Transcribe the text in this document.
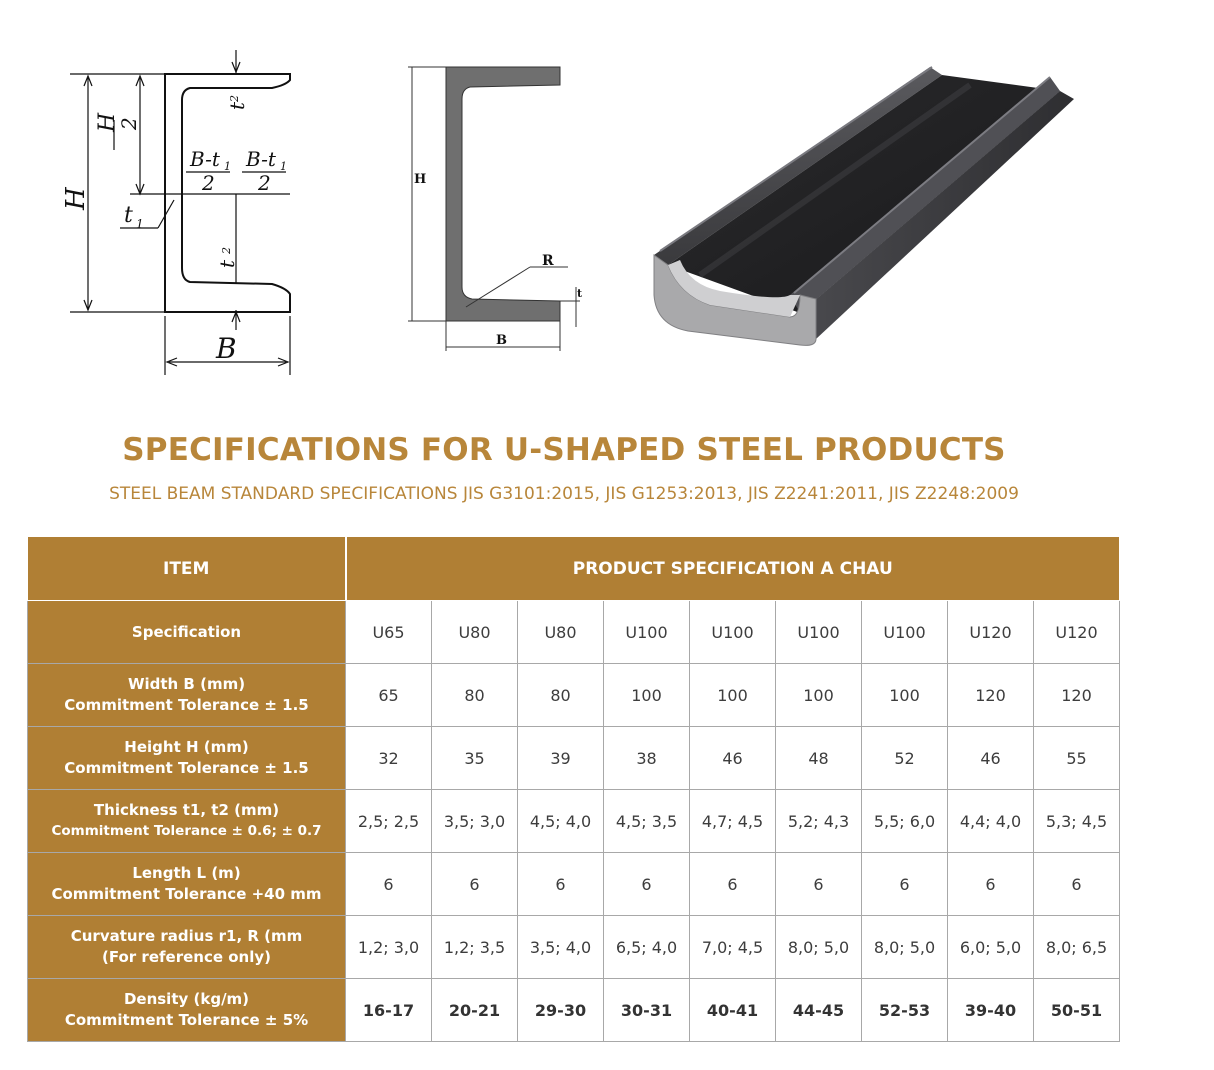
H
H
2
t 1
t
2
t
2
B-t 1
2
B-t 1
2
B
H
R
t
B
SPECIFICATIONS FOR U-SHAPED STEEL PRODUCTS
STEEL BEAM STANDARD SPECIFICATIONS JIS G3101:2015, JIS G1253:2013, JIS Z2241:2011, JIS Z2248:2009
ITEM	PRODUCT SPECIFICATION A CHAU								

Specification	U65	U80	U80	U100	U100	U100	U100	U120	U120

Width B (mm)
Commitment Tolerance ± 1.5	65	80	80	100	100	100	100	120	120

Height H (mm)
Commitment Tolerance ± 1.5	32	35	39	38	46	48	52	46	55

Thickness t1, t2 (mm)
Commitment Tolerance ± 0.6; ± 0.7	2,5; 2,5	3,5; 3,0	4,5; 4,0	4,5; 3,5	4,7; 4,5	5,2; 4,3	5,5; 6,0	4,4; 4,0	5,3; 4,5

Length L (m)
Commitment Tolerance +40 mm	6	6	6	6	6	6	6	6	6

Curvature radius r1, R (mm
(For reference only)	1,2; 3,0	1,2; 3,5	3,5; 4,0	6,5; 4,0	7,0; 4,5	8,0; 5,0	8,0; 5,0	6,0; 5,0	8,0; 6,5

Density (kg/m)
Commitment Tolerance ± 5%	16-17	20-21	29-30	30-31	40-41	44-45	52-53	39-40	50-51
